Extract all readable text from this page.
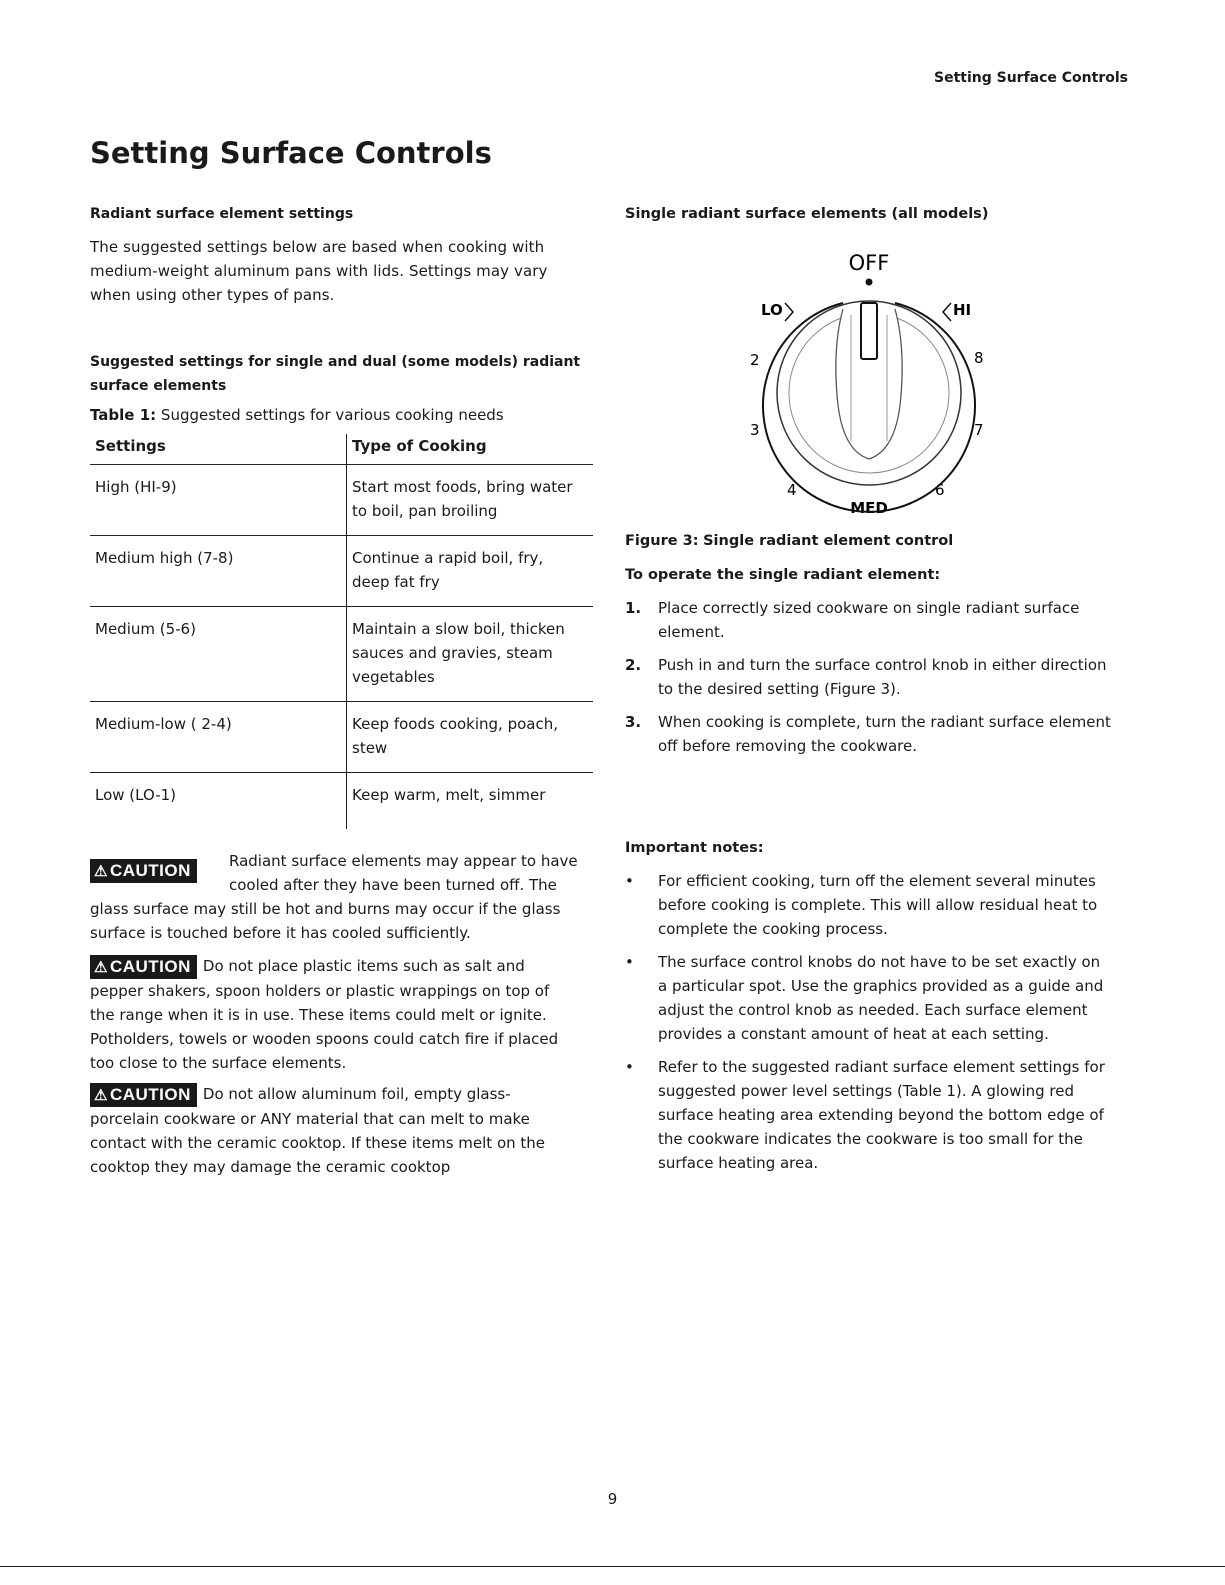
Setting Surface Controls
Setting Surface Controls

Radiant surface element settings

The suggested settings below are based when cooking with

medium-weight aluminum pans with lids. Settings may vary

when using other types of pans.

Suggested settings for single and dual (some models) radiant

surface elements

Table 1: Suggested settings for various cooking needs

Settings	Type of Cooking
High (HI-9)	Start most foods, bring water
to boil, pan broiling

Medium high (7-8)	Continue a rapid boil, fry,
deep fat fry

Medium (5-6)	Maintain a slow boil, thicken
sauces and gravies, steam
vegetables

Medium-low ( 2-4)	Keep foods cooking, poach,
stew

Low (LO-1)	Keep warm, melt, simmer
⚠ CAUTION	Radiant surface elements may appear to have

cooled after they have been turned off. The

glass surface may still be hot and burns may occur if the glass

surface is touched before it has cooled sufficiently.

⚠ CAUTION Do not place plastic items such as salt and

pepper shakers, spoon holders or plastic wrappings on top of

the range when it is in use. These items could melt or ignite.

Potholders, towels or wooden spoons could catch fire if placed

too close to the surface elements.

⚠ CAUTION Do not allow aluminum foil, empty glass-

porcelain cookware or ANY material that can melt to make

contact with the ceramic cooktop. If these items melt on the

cooktop they may damage the ceramic cooktop

Single radiant surface elements (all models)

OFF
LO	HI
2
3
4	6
7
8
MED

Figure 3: Single radiant element control

To operate the single radiant element:

1. Place correctly sized cookware on single radiant surface
element.
2. Push in and turn the surface control knob in either direction
to the desired setting (Figure 3).
3. When cooking is complete, turn the radiant surface element
off before removing the cookware.

Important notes:

• For efficient cooking, turn off the element several minutes
before cooking is complete. This will allow residual heat to
complete the cooking process.
• The surface control knobs do not have to be set exactly on
a particular spot. Use the graphics provided as a guide and
adjust the control knob as needed. Each surface element
provides a constant amount of heat at each setting.
• Refer to the suggested radiant surface element settings for
suggested power level settings (Table 1). A glowing red
surface heating area extending beyond the bottom edge of
the cookware indicates the cookware is too small for the
surface heating area.
9
